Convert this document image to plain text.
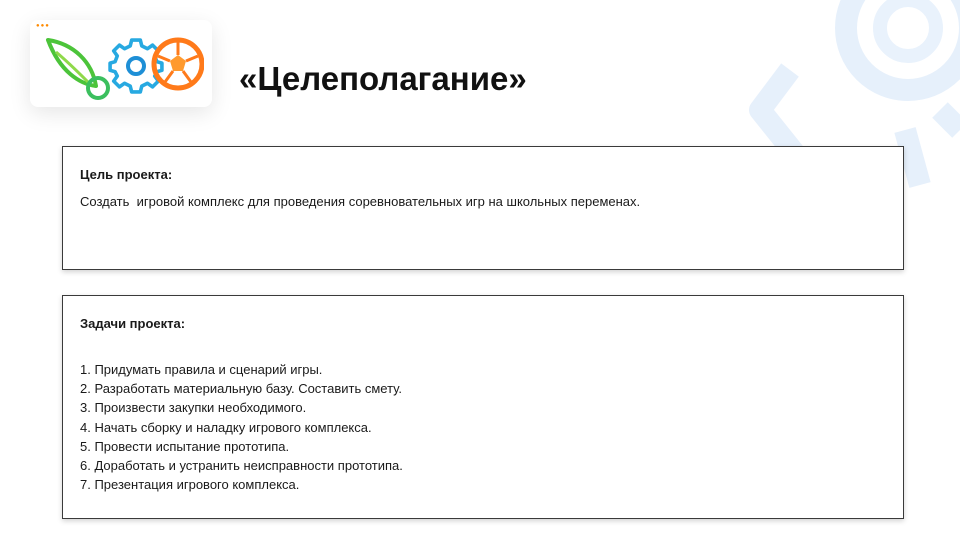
●●●
«Целеполагание»
Цель проекта:
Создать  игровой комплекс для проведения соревновательных игр на школьных переменах.
Задачи проекта:
1. Придумать правила и сценарий игры.
2. Разработать материальную базу. Составить смету.
3. Произвести закупки необходимого.
4. Начать сборку и наладку игрового комплекса.
5. Провести испытание прототипа.
6. Доработать и устранить неисправности прототипа.
7. Презентация игрового комплекса.
